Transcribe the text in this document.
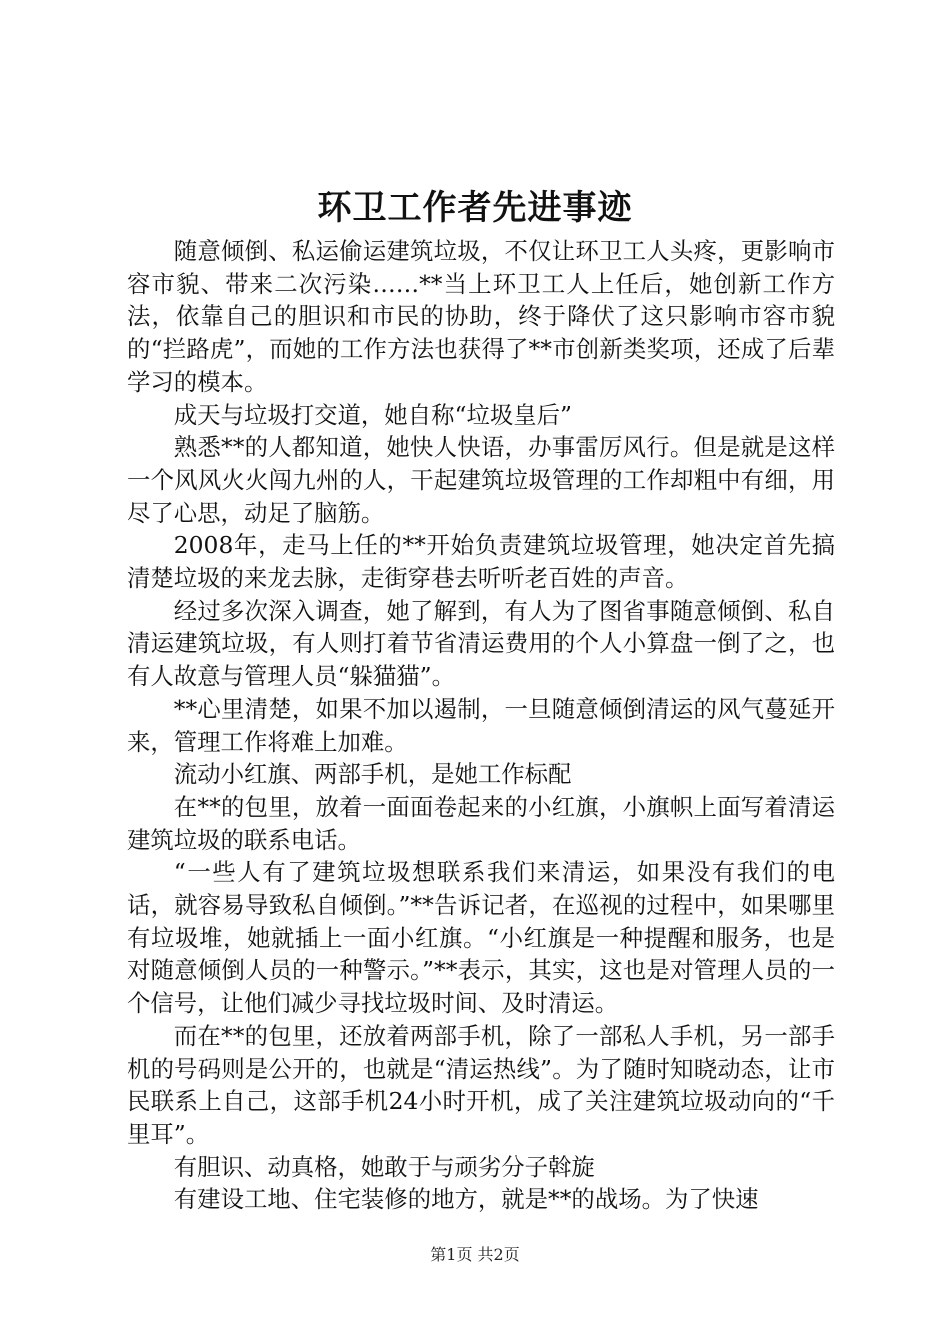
环卫工作者先进事迹

随意倾倒、私运偷运建筑垃圾，不仅让环卫工人头疼，更影响市容市貌、带来二次污染……**当上环卫工人上任后，她创新工作方法，依靠自己的胆识和市民的协助，终于降伏了这只影响市容市貌的“拦路虎”，而她的工作方法也获得了**市创新类奖项，还成了后辈学习的模本。

成天与垃圾打交道，她自称“垃圾皇后”

熟悉**的人都知道，她快人快语，办事雷厉风行。但是就是这样一个风风火火闯九州的人，干起建筑垃圾管理的工作却粗中有细，用尽了心思，动足了脑筋。

2008年，走马上任的**开始负责建筑垃圾管理，她决定首先搞清楚垃圾的来龙去脉，走街穿巷去听听老百姓的声音。

经过多次深入调查，她了解到，有人为了图省事随意倾倒、私自清运建筑垃圾，有人则打着节省清运费用的个人小算盘一倒了之，也有人故意与管理人员“躲猫猫”。

**心里清楚，如果不加以遏制，一旦随意倾倒清运的风气蔓延开来，管理工作将难上加难。

流动小红旗、两部手机，是她工作标配

在**的包里，放着一面面卷起来的小红旗，小旗帜上面写着清运建筑垃圾的联系电话。

“一些人有了建筑垃圾想联系我们来清运，如果没有我们的电话，就容易导致私自倾倒。”**告诉记者，在巡视的过程中，如果哪里有垃圾堆，她就插上一面小红旗。“小红旗是一种提醒和服务，也是对随意倾倒人员的一种警示。”**表示，其实，这也是对管理人员的一个信号，让他们减少寻找垃圾时间、及时清运。

而在**的包里，还放着两部手机，除了一部私人手机，另一部手机的号码则是公开的，也就是“清运热线”。为了随时知晓动态，让市民联系上自己，这部手机24小时开机，成了关注建筑垃圾动向的“千里耳”。

有胆识、动真格，她敢于与顽劣分子斡旋

有建设工地、住宅装修的地方，就是**的战场。为了快速

第1页 共2页
